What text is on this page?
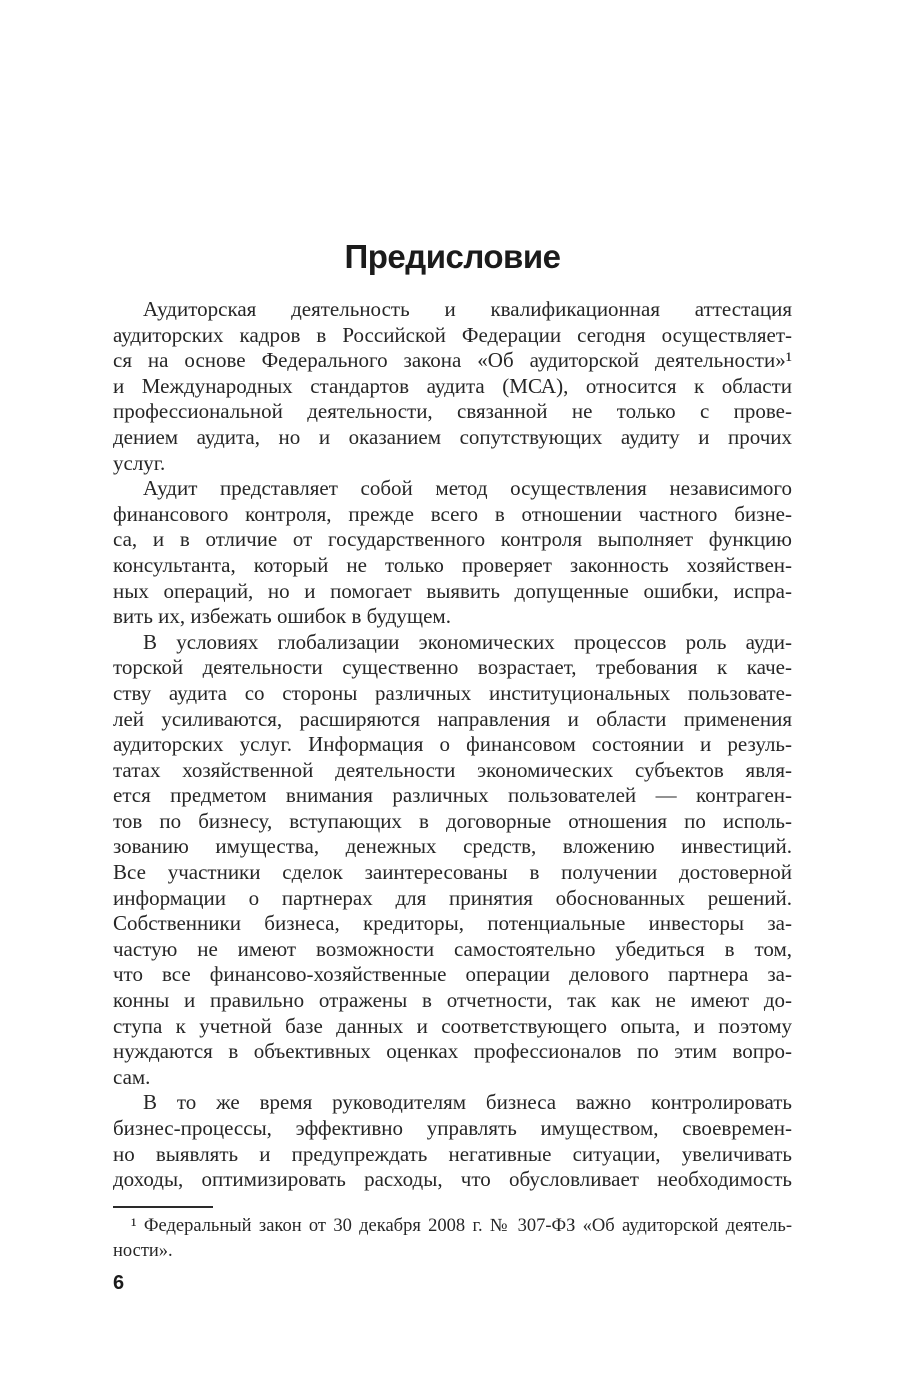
Предисловие
Аудиторская деятельность и квалификационная аттестация
аудиторских кадров в Российской Федерации сегодня осуществляет-
ся на основе Федерального закона «Об аудиторской деятельности»¹
и Международных стандартов аудита (МСА), относится к области
профессиональной деятельности, связанной не только с прове-
дением аудита, но и оказанием сопутствующих аудиту и прочих
услуг.
Аудит представляет собой метод осуществления независимого
финансового контроля, прежде всего в отношении частного бизне-
са, и в отличие от государственного контроля выполняет функцию
консультанта, который не только проверяет законность хозяйствен-
ных операций, но и помогает выявить допущенные ошибки, испра-
вить их, избежать ошибок в будущем.
В условиях глобализации экономических процессов роль ауди-
торской деятельности существенно возрастает, требования к каче-
ству аудита со стороны различных институциональных пользовате-
лей усиливаются, расширяются направления и области применения
аудиторских услуг. Информация о финансовом состоянии и резуль-
татах хозяйственной деятельности экономических субъектов явля-
ется предметом внимания различных пользователей — контраген-
тов по бизнесу, вступающих в договорные отношения по исполь-
зованию имущества, денежных средств, вложению инвестиций.
Все участники сделок заинтересованы в получении достоверной
информации о партнерах для принятия обоснованных решений.
Собственники бизнеса, кредиторы, потенциальные инвесторы за-
частую не имеют возможности самостоятельно убедиться в том,
что все финансово-хозяйственные операции делового партнера за-
конны и правильно отражены в отчетности, так как не имеют до-
ступа к учетной базе данных и соответствующего опыта, и поэтому
нуждаются в объективных оценках профессионалов по этим вопро-
сам.
В то же время руководителям бизнеса важно контролировать
бизнес-процессы, эффективно управлять имуществом, своевремен-
но выявлять и предупреждать негативные ситуации, увеличивать
доходы, оптимизировать расходы, что обусловливает необходимость
¹ Федеральный закон от 30 декабря 2008 г. № 307-ФЗ «Об аудиторской деятель-
ности».
6
